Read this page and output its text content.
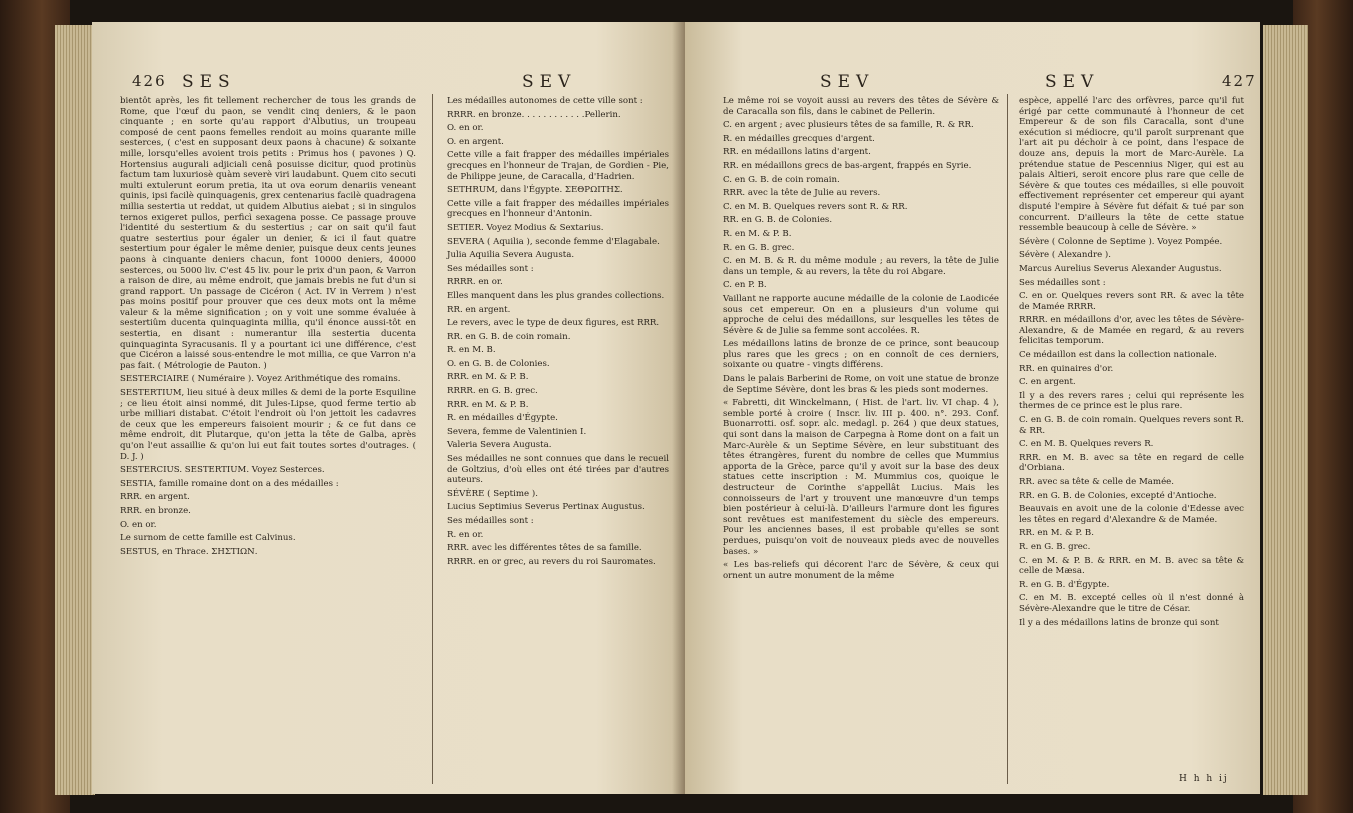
426 SES	SEV

bientôt après, les fit tellement rechercher de tous les grands de Rome, que l'œuf du paon, se vendit cinq deniers, & le paon cinquante ; en sorte qu'au rapport d'Albutius, un troupeau composé de cent paons femelles rendoit au moins quarante mille sesterces, ( c'est en supposant deux paons à chacune) & soixante mille, lorsqu'elles avoient trois petits : Primus hos ( pavones ) Q. Hortensius augurali adjiciali cenâ posuisse dicitur, quod protinùs factum tam luxuriosè quàm severè viri laudabunt. Quem cito secuti multi extulerunt eorum pretia, ita ut ova eorum denariis veneant quinis, ipsi facilè quinquagenis, grex centenarius facilè quadragena millia sestertia ut reddat, ut quidem Albutius aiebat ; si in singulos ternos exigeret pullos, perficì sexagena posse. Ce passage prouve l'identité du sestertium & du sestertius ; car on sait qu'il faut quatre sestertius pour égaler un denier, & ici il faut quatre sestertium pour égaler le même denier, puisque deux cents jeunes paons à cinquante deniers chacun, font 10000 deniers, 40000 sesterces, ou 5000 liv. C'est 45 liv. pour le prix d'un paon, & Varron a raison de dire, au même endroit, que jamais brebis ne fut d'un si grand rapport. Un passage de Cicéron ( Act. IV in Verrem ) n'est pas moins positif pour prouver que ces deux mots ont la même valeur & la même signification ; on y voit une somme évaluée à sestertiûm ducenta quinquaginta millia, qu'il énonce aussi-tôt en sestertia, en disant : numerantur illa sestertia ducenta quinquaginta Syracusanis. Il y a pourtant ici une différence, c'est que Cicéron a laissé sous-entendre le mot millia, ce que Varron n'a pas fait. ( Métrologie de Pauton. )

SESTERCIAIRE ( Numéraire ). Voyez Arithmétique des romains.

SESTERTIUM, lieu situé à deux milles & demi de la porte Esquiline ; ce lieu étoit ainsi nommé, dit Jules-Lipse, quod ferme tertio ab urbe milliari distabat. C'étoit l'endroit où l'on jettoit les cadavres de ceux que les empereurs faisoient mourir ; & ce fut dans ce même endroit, dit Plutarque, qu'on jetta la tête de Galba, après qu'on l'eut assaillie & qu'on lui eut fait toutes sortes d'outrages. ( D. J. )

SESTERCIUS. SESTERTIUM. Voyez Sesterces.

SESTIA, famille romaine dont on a des médailles :

RRR. en argent.

RRR. en bronze.

O. en or.

Le surnom de cette famille est Calvinus.

SESTUS, en Thrace. ΣΗΣΤΙΩΝ.

Les médailles autonomes de cette ville sont :

RRRR. en bronze. . . . . . . . . . . .Pellerin.

O. en or.

O. en argent.

Cette ville a fait frapper des médailles impériales grecques en l'honneur de Trajan, de Gordien - Pie, de Philippe jeune, de Caracalla, d'Hadrien.

SETHRUM, dans l'Égypte. ΣΕΘΡΩΙΤΗΣ.

Cette ville a fait frapper des médailles impériales grecques en l'honneur d'Antonin.

SETIER. Voyez Modius & Sextarius.

SEVERA ( Aquilia ), seconde femme d'Elagabale.

Julia Aquilia Severa Augusta.

Ses médailles sont :

RRRR. en or.

Elles manquent dans les plus grandes collections.

RR. en argent.

Le revers, avec le type de deux figures, est RRR.

RR. en G. B. de coin romain.

R. en M. B.

O. en G. B. de Colonies.

RRR. en M. & P. B.

RRRR. en G. B. grec.

RRR. en M. & P. B.

R. en médailles d'Égypte.

Severa, femme de Valentinien I.

Valeria Severa Augusta.

Ses médailles ne sont connues que dans le recueil de Goltzius, d'où elles ont été tirées par d'autres auteurs.

SÉVÈRE ( Septime ).

Lucius Septimius Severus Pertinax Augustus.

Ses médailles sont :

R. en or.

RRR. avec les différentes têtes de sa famille.

RRRR. en or grec, au revers du roi Sauromates.

SEV	SEV	427

Le même roi se voyoit aussi au revers des têtes de Sévère & de Caracalla son fils, dans le cabinet de Pellerin.

C. en argent ; avec plusieurs têtes de sa famille, R. & RR.

R. en médailles grecques d'argent.

RR. en médaillons latins d'argent.

RR. en médaillons grecs de bas-argent, frappés en Syrie.

C. en G. B. de coin romain.

RRR. avec la tête de Julie au revers.

C. en M. B. Quelques revers sont R. & RR.

RR. en G. B. de Colonies.

R. en M. & P. B.

R. en G. B. grec.

C. en M. B. & R. du même module ; au revers, la tête de Julie dans un temple, & au revers, la tête du roi Abgare.

C. en P. B.

Vaillant ne rapporte aucune médaille de la colonie de Laodicée sous cet empereur. On en a plusieurs d'un volume qui approche de celui des médaillons, sur lesquelles les têtes de Sévère & de Julie sa femme sont accolées. R.

Les médaillons latins de bronze de ce prince, sont beaucoup plus rares que les grecs ; on en connoît de ces derniers, soixante ou quatre - vingts différens.

Dans le palais Barberini de Rome, on voit une statue de bronze de Septime Sévère, dont les bras & les pieds sont modernes.

« Fabretti, dit Winckelmann, ( Hist. de l'art. liv. VI chap. 4 ), semble porté à croire ( Inscr. liv. III p. 400. n°. 293. Conf. Buonarrotti. osf. sopr. alc. medagl. p. 264 ) que deux statues, qui sont dans la maison de Carpegna à Rome dont on a fait un Marc-Aurèle & un Septime Sévère, en leur substituant des têtes étrangères, furent du nombre de celles que Mummius apporta de la Grèce, parce qu'il y avoit sur la base des deux statues cette inscription : M. Mummius cos, quoique le destructeur de Corinthe s'appellât Lucius. Mais les connoisseurs de l'art y trouvent une manœuvre d'un temps bien postérieur à celui-là. D'ailleurs l'armure dont les figures sont revêtues est manifestement du siècle des empereurs. Pour les anciennes bases, il est probable qu'elles se sont perdues, puisqu'on voit de nouveaux pieds avec de nouvelles bases. »

« Les bas-reliefs qui décorent l'arc de Sévère, & ceux qui ornent un autre monument de la même

espèce, appellé l'arc des orfèvres, parce qu'il fut érigé par cette communauté à l'honneur de cet Empereur & de son fils Caracalla, sont d'une exécution si médiocre, qu'il paroît surprenant que l'art ait pu déchoir à ce point, dans l'espace de douze ans, depuis la mort de Marc-Aurèle. La prétendue statue de Pescennius Niger, qui est au palais Altieri, seroit encore plus rare que celle de Sévère & que toutes ces médailles, si elle pouvoit effectivement représenter cet empereur qui ayant disputé l'empire à Sévère fut défait & tué par son concurrent. D'ailleurs la tête de cette statue ressemble beaucoup à celle de Sévère. »

Sévère ( Colonne de Septime ). Voyez Pompée.

Sévère ( Alexandre ).

Marcus Aurelius Severus Alexander Augustus.

Ses médailles sont :

C. en or. Quelques revers sont RR. & avec la tête de Mamée RRRR.

RRRR. en médaillons d'or, avec les têtes de Sévère-Alexandre, & de Mamée en regard, & au revers felicitas temporum.

Ce médaillon est dans la collection nationale.

RR. en quinaires d'or.

C. en argent.

Il y a des revers rares ; celui qui représente les thermes de ce prince est le plus rare.

C. en G. B. de coin romain. Quelques revers sont R. & RR.

C. en M. B. Quelques revers R.

RRR. en M. B. avec sa tête en regard de celle d'Orbiana.

RR. avec sa tête & celle de Mamée.

RR. en G. B. de Colonies, excepté d'Antioche.

Beauvais en avoit une de la colonie d'Edesse avec les têtes en regard d'Alexandre & de Mamée.

RR. en M. & P. B.

R. en G. B. grec.

C. en M. & P. B. & RRR. en M. B. avec sa tête & celle de Mæsa.

R. en G. B. d'Égypte.

C. en M. B. excepté celles où il n'est donné à Sévère-Alexandre que le titre de César.

Il y a des médaillons latins de bronze qui sont

H h h ij
